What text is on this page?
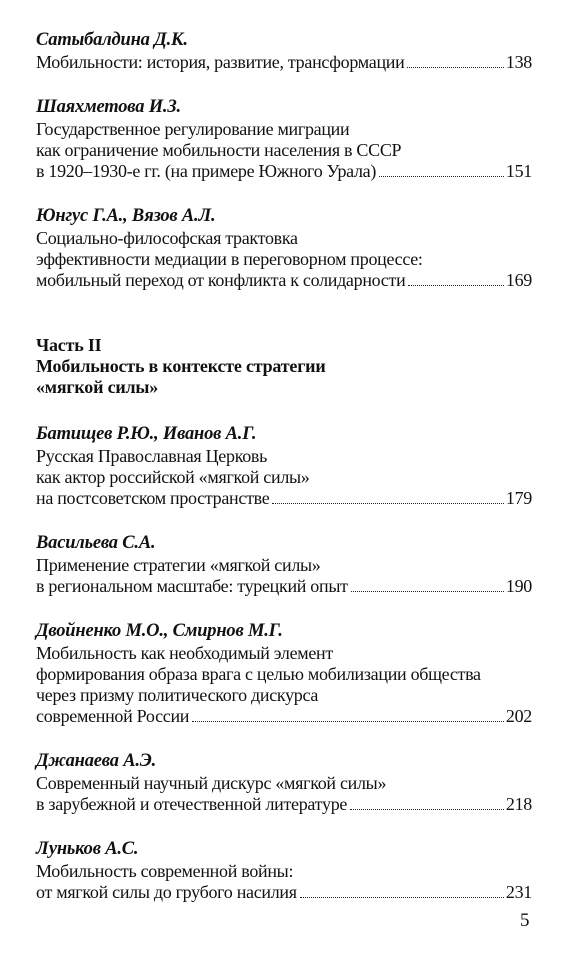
Сатыбалдина Д.К.
Мобильности: история, развитие, трансформации	138
Шаяхметова И.З.
Государственное регулирование миграции
как ограничение мобильности населения в СССР
в 1920–1930-е гг. (на примере Южного Урала)	151
Юнгус Г.А., Вязов А.Л.
Социально-философская трактовка
эффективности медиации в переговорном процессе:
мобильный переход от конфликта к солидарности	169
Часть II
Мобильность в контексте стратегии
«мягкой силы»
Батищев Р.Ю., Иванов А.Г.
Русская Православная Церковь
как актор российской «мягкой силы»
на постсоветском пространстве	179
Васильева С.А.
Применение стратегии «мягкой силы»
в региональном масштабе: турецкий опыт	190
Двойненко М.О., Смирнов М.Г.
Мобильность как необходимый элемент
формирования образа врага с целью мобилизации общества
через призму политического дискурса
современной России	202
Джанаева А.Э.
Современный научный дискурс «мягкой силы»
в зарубежной и отечественной литературе	218
Луньков А.С.
Мобильность современной войны:
от мягкой силы до грубого насилия	231
5
